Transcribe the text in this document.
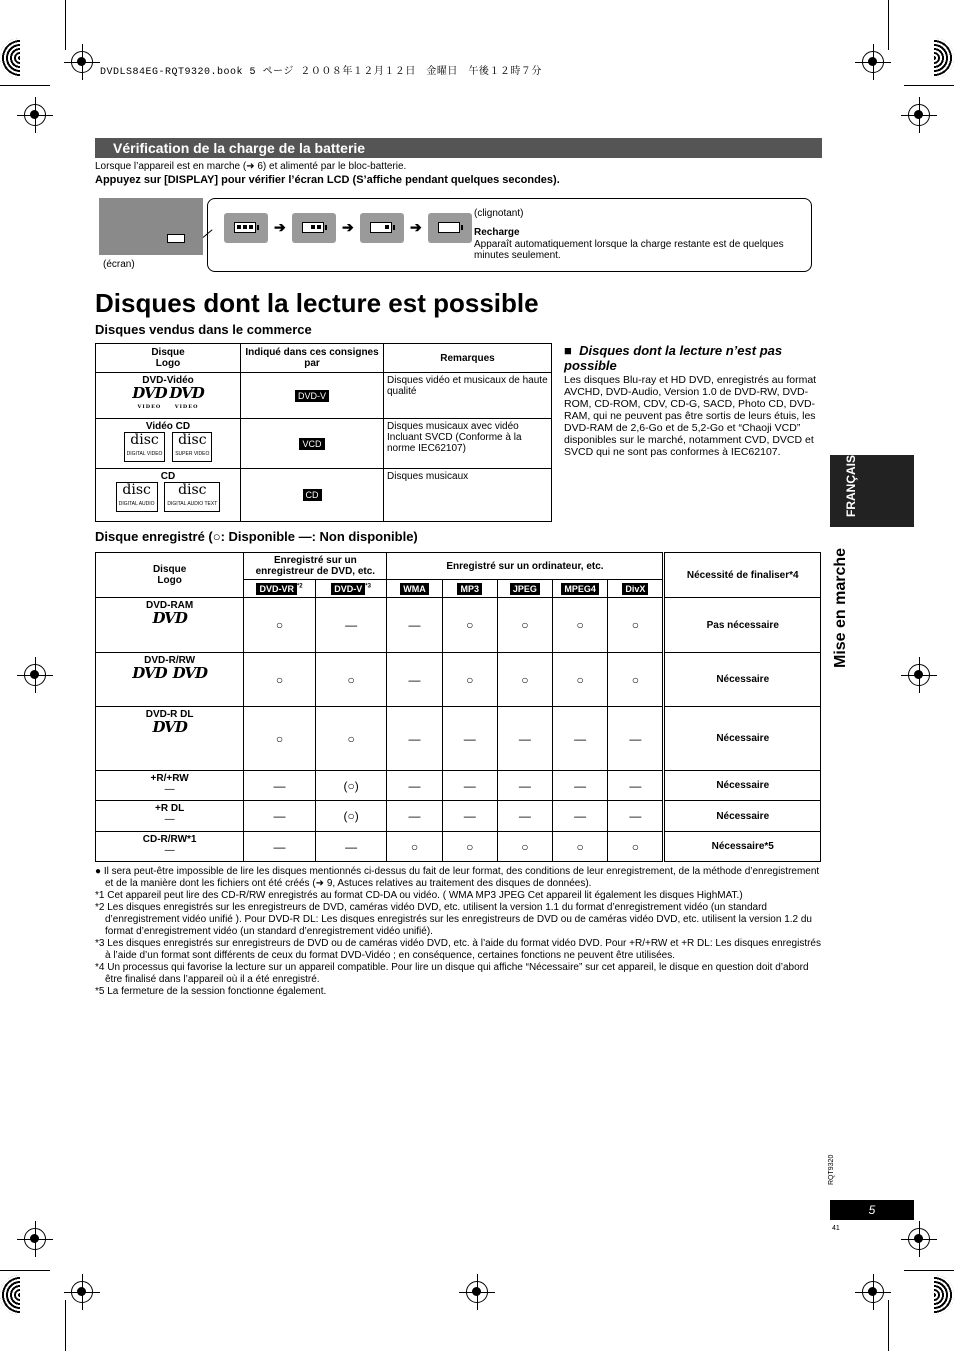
DVDLS84EG-RQT9320.book 5 ページ ２００８年１２月１２日　金曜日　午後１２時７分
Vérification de la charge de la batterie
Lorsque l’appareil est en marche (➜ 6) et alimenté par le bloc-batterie.
Appuyez sur [DISPLAY] pour vérifier l’écran LCD (S’affiche pendant quelques secondes).
(écran)
➔	➔	➔
(clignotant)
Recharge
Apparaît automatiquement lorsque la charge restante est de quelques minutes seulement.
Disques dont la lecture est possible
Disques vendus dans le commerce
Disque
Logo	Indiqué dans ces consignes par	Remarques

DVD-Vidéo
DVD
VIDEO
DVD
VIDEO	DVD-V	Disques vidéo et musicaux de haute qualité

Vidéo CD
disc
DIGITAL VIDEO
disc
SUPER VIDEO	VCD	Disques musicaux avec vidéo Incluant SVCD (Conforme à la norme IEC62107)

CD
disc
DIGITAL AUDIO
disc
DIGITAL AUDIO TEXT	CD	Disques musicaux
■ Disques dont la lecture n’est pas possible
Les disques Blu-ray et HD DVD, enregistrés au format AVCHD, DVD-Audio, Version 1.0 de DVD-RW, DVD-ROM, CD-ROM, CDV, CD-G, SACD, Photo CD, DVD-RAM, qui ne peuvent pas être sortis de leurs étuis, les DVD-RAM de 2,6-Go et de 5,2-Go et “Chaoji VCD” disponibles sur le marché, notamment CVD, DVCD et SVCD qui ne sont pas conformes à IEC62107.
FRANÇAIS
Mise en marche
Disque enregistré (○: Disponible —: Non disponible)
Disque
Logo	Enregistré sur un enregistreur de DVD, etc.		Enregistré sur un ordinateur, etc.					Nécessité de finaliser*4
	DVD-VR $^{*2}$	DVD-V $^{*3}$	WMA	MP3	JPEG	MPEG4	DivX	

DVD-RAM
DVD	○	—	—	○	○	○	○	Pas nécessaire

DVD-R/RW
DVD DVD	○	○	—	○	○	○	○	Nécessaire

DVD-R DL
DVD	○	○	—	—	—	—	—	Nécessaire

+R/+RW
—	—	(○)	—	—	—	—	—	Nécessaire

+R DL
—	—	(○)	—	—	—	—	—	Nécessaire

CD-R/RW*1
—	—	—	○	○	○	○	○	Nécessaire*5

● Il sera peut-être impossible de lire les disques mentionnés ci-dessus du fait de leur format, des conditions de leur enregistrement, de la méthode d’enregistrement et de la manière dont les fichiers ont été créés (➜ 9, Astuces relatives au traitement des disques de données).

*1 Cet appareil peut lire des CD-R/RW enregistrés au format CD-DA ou vidéo. ( WMA MP3 JPEG Cet appareil lit également les disques HighMAT.)

*2 Les disques enregistrés sur les enregistreurs de DVD, caméras vidéo DVD, etc. utilisent la version 1.1 du format d’enregistrement vidéo (un standard d’enregistrement vidéo unifié ). Pour DVD-R DL: Les disques enregistrés sur les enregistreurs de DVD ou de caméras vidéo DVD, etc. utilisent la version 1.2 du format d’enregistrement vidéo (un standard d’enregistrement vidéo unifié).

*3 Les disques enregistrés sur enregistreurs de DVD ou de caméras vidéo DVD, etc. à l’aide du format vidéo DVD. Pour +R/+RW et +R DL: Les disques enregistrés à l’aide d’un format sont différents de ceux du format DVD-Vidéo ; en conséquence, certaines fonctions ne peuvent être utilisées.

*4 Un processus qui favorise la lecture sur un appareil compatible. Pour lire un disque qui affiche “Nécessaire” sur cet appareil, le disque en question doit d’abord être finalisé dans l’appareil où il a été enregistré.

*5 La fermeture de la session fonctionne également.

RQT9320
5
41
